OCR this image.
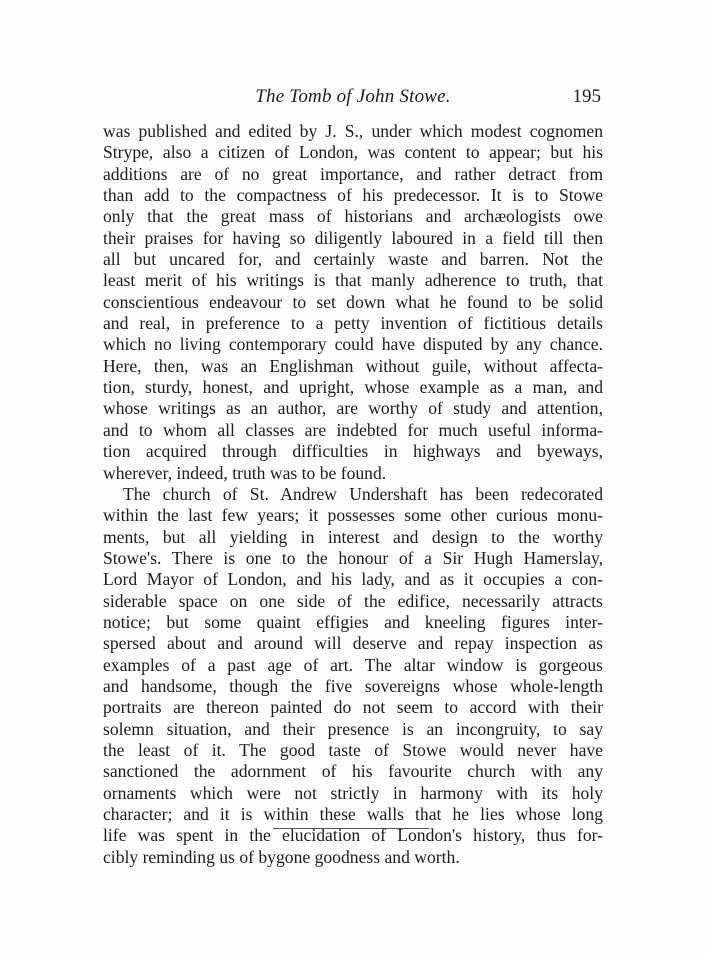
The Tomb of John Stowe.	195
was published and edited by J. S., under which modest cognomen
Strype, also a citizen of London, was content to appear; but his
additions are of no great importance, and rather detract from
than add to the compactness of his predecessor. It is to Stowe
only that the great mass of historians and archæologists owe
their praises for having so diligently laboured in a field till then
all but uncared for, and certainly waste and barren. Not the
least merit of his writings is that manly adherence to truth, that
conscientious endeavour to set down what he found to be solid
and real, in preference to a petty invention of fictitious details
which no living contemporary could have disputed by any chance.
Here, then, was an Englishman without guile, without affecta-
tion, sturdy, honest, and upright, whose example as a man, and
whose writings as an author, are worthy of study and attention,
and to whom all classes are indebted for much useful informa-
tion acquired through difficulties in highways and byeways,
wherever, indeed, truth was to be found.
The church of St. Andrew Undershaft has been redecorated
within the last few years; it possesses some other curious monu-
ments, but all yielding in interest and design to the worthy
Stowe's. There is one to the honour of a Sir Hugh Hamerslay,
Lord Mayor of London, and his lady, and as it occupies a con-
siderable space on one side of the edifice, necessarily attracts
notice; but some quaint effigies and kneeling figures inter-
spersed about and around will deserve and repay inspection as
examples of a past age of art. The altar window is gorgeous
and handsome, though the five sovereigns whose whole-length
portraits are thereon painted do not seem to accord with their
solemn situation, and their presence is an incongruity, to say
the least of it. The good taste of Stowe would never have
sanctioned the adornment of his favourite church with any
ornaments which were not strictly in harmony with its holy
character; and it is within these walls that he lies whose long
life was spent in the elucidation of London's history, thus for-
cibly reminding us of bygone goodness and worth.
